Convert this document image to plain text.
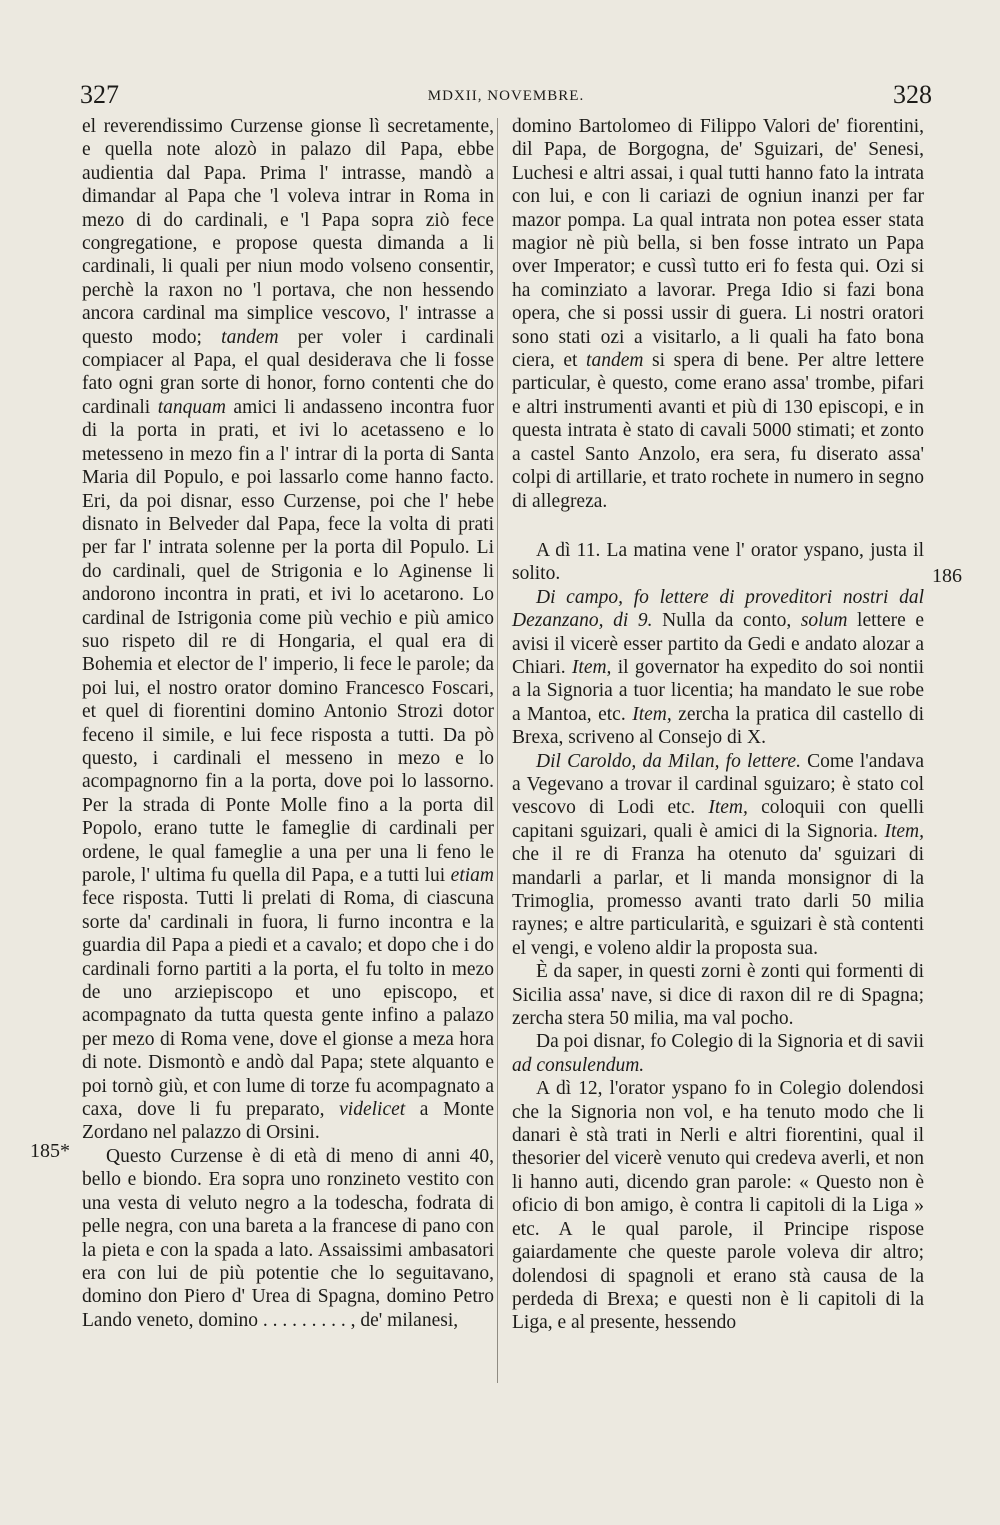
327	MDXII, NOVEMBRE.	328
185*
186

el reverendissimo Curzense gionse lì secretamente, e quella note alozò in palazo dil Papa, ebbe audientia dal Papa. Prima l' intrasse, mandò a dimandar al Papa che 'l voleva intrar in Roma in mezo di do cardinali, e 'l Papa sopra ziò fece congregatione, e propose questa dimanda a li cardinali, li quali per niun modo volseno consentir, perchè la raxon no 'l portava, che non hessendo ancora cardinal ma simplice vescovo, l' intrasse a questo modo; tandem per voler i cardinali compiacer al Papa, el qual desiderava che li fosse fato ogni gran sorte di honor, forno contenti che do cardinali tanquam amici li andasseno incontra fuor di la porta in prati, et ivi lo acetasseno e lo metesseno in mezo fin a l' intrar di la porta di Santa Maria dil Populo, e poi lassarlo come hanno facto. Eri, da poi disnar, esso Curzense, poi che l' hebe disnato in Belveder dal Papa, fece la volta di prati per far l' intrata solenne per la porta dil Populo. Li do cardinali, quel de Strigonia e lo Aginense li andorono incontra in prati, et ivi lo acetarono. Lo cardinal de Istrigonia come più vechio e più amico suo rispeto dil re di Hongaria, el qual era di Bohemia et elector de l' imperio, li fece le parole; da poi lui, el nostro orator domino Francesco Foscari, et quel di fiorentini domino Antonio Strozi dotor feceno il simile, e lui fece risposta a tutti. Da pò questo, i cardinali el messeno in mezo e lo acompagnorno fin a la porta, dove poi lo lassorno. Per la strada di Ponte Molle fino a la porta dil Popolo, erano tutte le fameglie di cardinali per ordene, le qual fameglie a una per una li feno le parole, l' ultima fu quella dil Papa, e a tutti lui etiam fece risposta. Tutti li prelati di Roma, di ciascuna sorte da' cardinali in fuora, li furno incontra e la guardia dil Papa a piedi et a cavalo; et dopo che i do cardinali forno partiti a la porta, el fu tolto in mezo de uno arziepiscopo et uno episcopo, et acompagnato da tutta questa gente infino a palazo per mezo di Roma vene, dove el gionse a meza hora di note. Dismontò e andò dal Papa; stete alquanto e poi tornò giù, et con lume di torze fu acompagnato a caxa, dove li fu preparato, videlicet a Monte Zordano nel palazzo di Orsini.

Questo Curzense è di età di meno di anni 40, bello e biondo. Era sopra uno ronzineto vestito con una vesta di veluto negro a la todescha, fodrata di pelle negra, con una bareta a la francese di pano con la pieta e con la spada a lato. Assaissimi ambasatori era con lui de più potentie che lo seguitavano, domino don Piero d' Urea di Spagna, domino Petro Lando veneto, domino . . . . . . . . . , de' milanesi,

domino Bartolomeo di Filippo Valori de' fiorentini, dil Papa, de Borgogna, de' Sguizari, de' Senesi, Luchesi e altri assai, i qual tutti hanno fato la intrata con lui, e con li cariazi de ogniun inanzi per far mazor pompa. La qual intrata non potea esser stata magior nè più bella, si ben fosse intrato un Papa over Imperator; e cussì tutto eri fo festa qui. Ozi si ha cominziato a lavorar. Prega Idio si fazi bona opera, che si possi ussir di guera. Li nostri oratori sono stati ozi a visitarlo, a li quali ha fato bona ciera, et tandem si spera di bene. Per altre lettere particular, è questo, come erano assa' trombe, pifari e altri instrumenti avanti et più di 130 episcopi, e in questa intrata è stato di cavali 5000 stimati; et zonto a castel Santo Anzolo, era sera, fu diserato assa' colpi di artillarie, et trato rochete in numero in segno di allegreza.

A dì 11. La matina vene l' orator yspano, justa il solito.

Di campo, fo lettere di proveditori nostri dal Dezanzano, di 9. Nulla da conto, solum lettere e avisi il vicerè esser partito da Gedi e andato alozar a Chiari. Item, il governator ha expedito do soi nontii a la Signoria a tuor licentia; ha mandato le sue robe a Mantoa, etc. Item, zercha la pratica dil castello di Brexa, scriveno al Consejo di X.

Dil Caroldo, da Milan, fo lettere. Come l'andava a Vegevano a trovar il cardinal sguizaro; è stato col vescovo di Lodi etc. Item, coloquii con quelli capitani sguizari, quali è amici di la Signoria. Item, che il re di Franza ha otenuto da' sguizari di mandarli a parlar, et li manda monsignor di la Trimoglia, promesso avanti trato darli 50 milia raynes; e altre particularità, e sguizari è stà contenti el vengi, e voleno aldir la proposta sua.

È da saper, in questi zorni è zonti qui formenti di Sicilia assa' nave, si dice di raxon dil re di Spagna; zercha stera 50 milia, ma val pocho.

Da poi disnar, fo Colegio di la Signoria et di savii ad consulendum.

A dì 12, l'orator yspano fo in Colegio dolendosi che la Signoria non vol, e ha tenuto modo che li danari è stà trati in Nerli e altri fiorentini, qual il thesorier del vicerè venuto qui credeva averli, et non li hanno auti, dicendo gran parole: « Questo non è oficio di bon amigo, è contra li capitoli di la Liga » etc. A le qual parole, il Principe rispose gaiardamente che queste parole voleva dir altro; dolendosi di spagnoli et erano stà causa de la perdeda di Brexa; e questi non è li capitoli di la Liga, e al presente, hessendo
